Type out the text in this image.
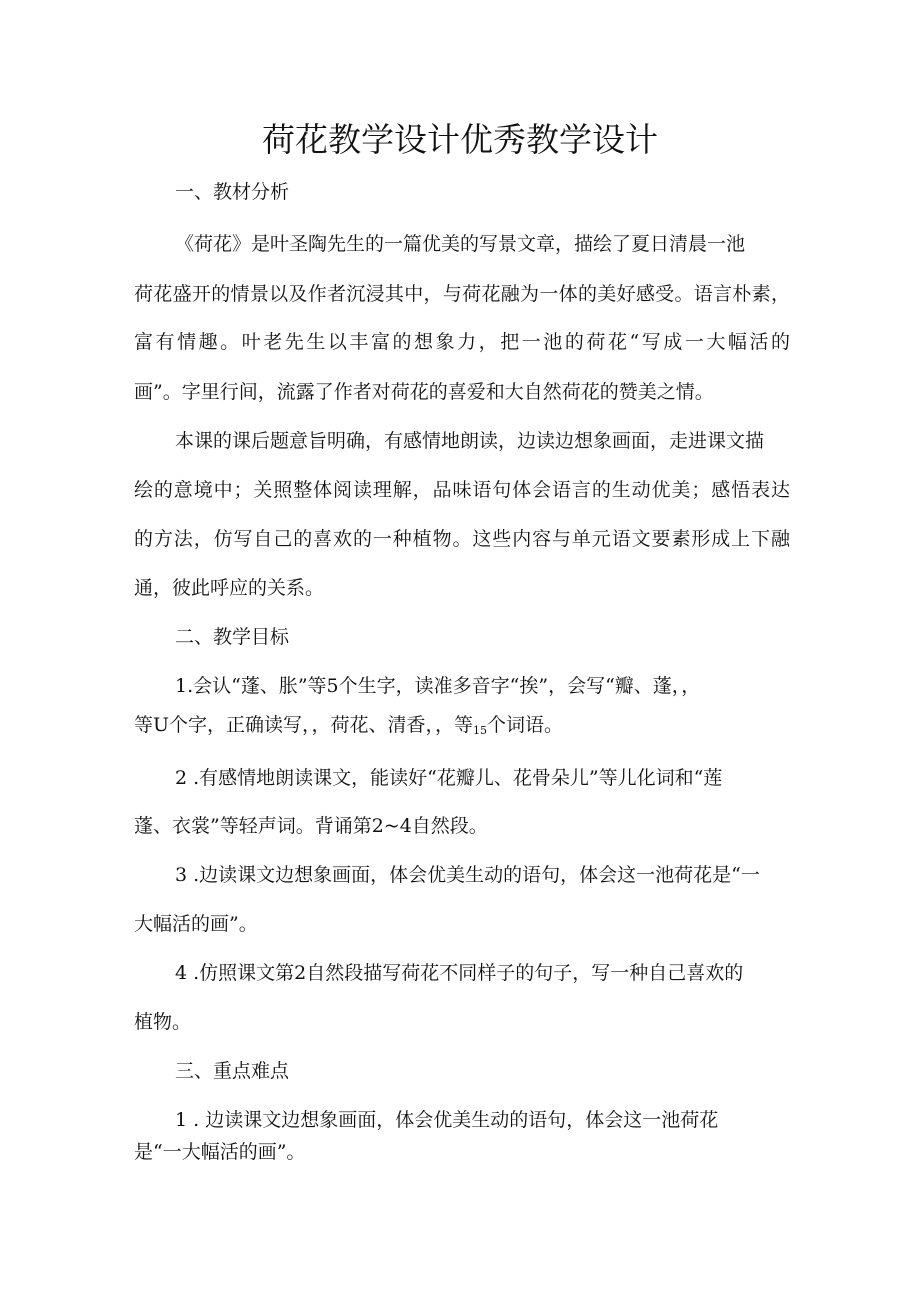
荷花教学设计优秀教学设计
一、教材分析
《荷花》是叶圣陶先生的一篇优美的写景文章，描绘了夏日清晨一池
荷花盛开的情景以及作者沉浸其中，与荷花融为一体的美好感受。语言朴素，
富有情趣。叶老先生以丰富的想象力，把一池的荷花“写成一大幅活的
画”。字里行间，流露了作者对荷花的喜爱和大自然荷花的赞美之情。
本课的课后题意旨明确，有感情地朗读，边读边想象画面，走进课文描
绘的意境中；关照整体阅读理解，品味语句体会语言的生动优美；感悟表达
的方法，仿写自己的喜欢的一种植物。这些内容与单元语文要素形成上下融
通，彼此呼应的关系。
二、教学目标
1.会认“蓬、胀”等5个生字，读准多音字“挨”，会写“瓣、蓬，，
等U个字，正确读写，，荷花、清香，，等$_{15}$个词语。
2 .有感情地朗读课文，能读好“花瓣儿、花骨朵儿”等儿化词和“莲
蓬、衣裳”等轻声词。背诵第2~4自然段。
3 .边读课文边想象画面，体会优美生动的语句，体会这一池荷花是“一
大幅活的画”。
4 .仿照课文第2自然段描写荷花不同样子的句子，写一种自己喜欢的
植物。
三、重点难点
1 . 边读课文边想象画面，体会优美生动的语句，体会这一池荷花
是“一大幅活的画”。
